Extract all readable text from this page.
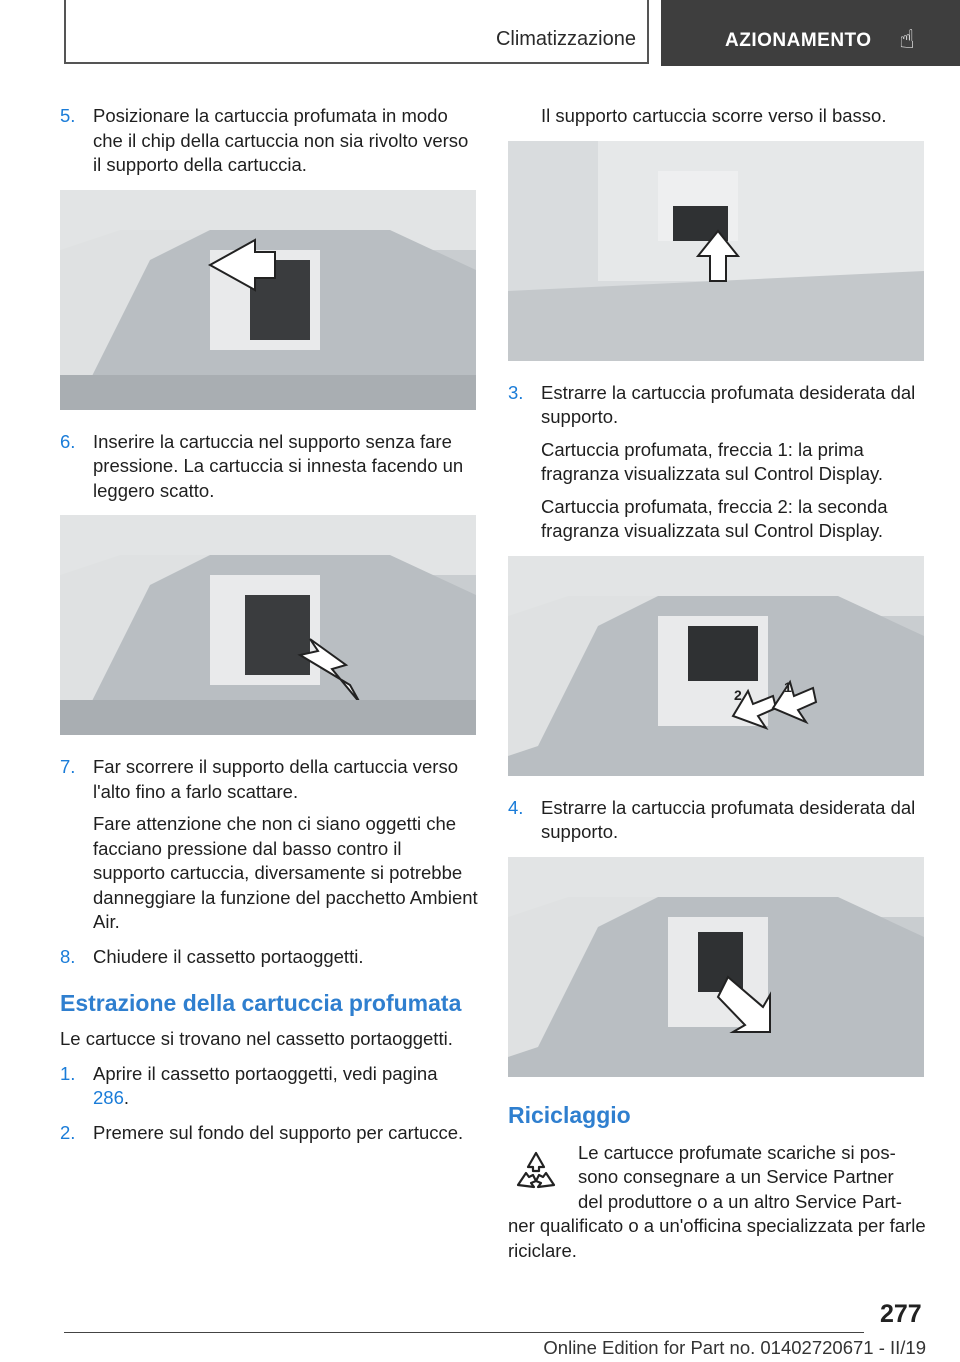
Climatizzazione	AZIONAMENTO ☝
5. Posizionare la cartuccia profumata in modo che il chip della cartuccia non sia rivolto verso il supporto della cartuccia.

6. Inserire la cartuccia nel supporto senza fare pressione. La cartuccia si innesta facendo un leggero scatto.

7. Far scorrere il supporto della cartuccia verso l'alto fino a farlo scattare.

Fare attenzione che non ci siano oggetti che facciano pressione dal basso contro il supporto cartuccia, diversamente si potrebbe danneggiare la funzione del pacchetto Ambient Air.

8. Chiudere il cassetto portaoggetti.

Estrazione della cartuccia profumata

Le cartucce si trovano nel cassetto portaoggetti.

1. Aprire il cassetto portaoggetti, vedi pagina 286.

2. Premere sul fondo del supporto per cartucce.

Il supporto cartuccia scorre verso il basso.

3. Estrarre la cartuccia profumata desiderata dal supporto.

Cartuccia profumata, freccia 1: la prima fragranza visualizzata sul Control Display.

Cartuccia profumata, freccia 2: la seconda fragranza visualizzata sul Control Display.

2	1
4. Estrarre la cartuccia profumata desiderata dal supporto.

Riciclaggio

Le cartucce profumate scariche si pos-

sono consegnare a un Service Partner

del produttore o a un altro Service Part-

ner qualificato o a un'officina specializzata per farle riciclare.

277
Online Edition for Part no. 01402720671 - II/19
